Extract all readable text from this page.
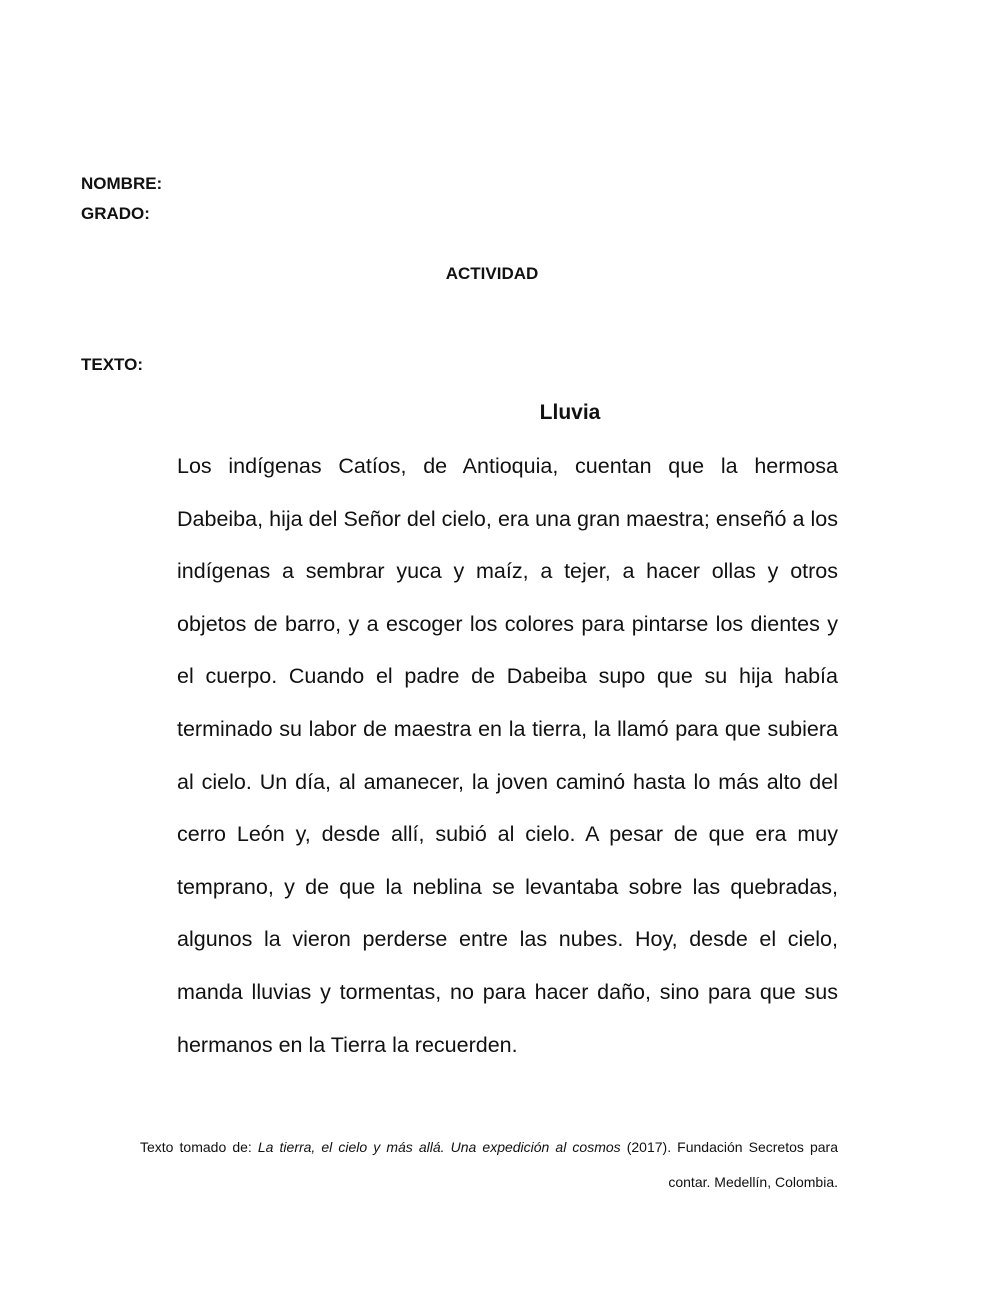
NOMBRE:

GRADO:

ACTIVIDAD

TEXTO:

Lluvia

Los indígenas Catíos, de Antioquia, cuentan que la hermosa Dabeiba, hija del Señor del cielo, era una gran maestra; enseñó a los indígenas a sembrar yuca y maíz, a tejer, a hacer ollas y otros objetos de barro, y a escoger los colores para pintarse los dientes y el cuerpo. Cuando el padre de Dabeiba supo que su hija había terminado su labor de maestra en la tierra, la llamó para que subiera al cielo. Un día, al amanecer, la joven caminó hasta lo más alto del cerro León y, desde allí, subió al cielo. A pesar de que era muy temprano, y de que la neblina se levantaba sobre las quebradas, algunos la vieron perderse entre las nubes. Hoy, desde el cielo, manda lluvias y tormentas, no para hacer daño, sino para que sus hermanos en la Tierra la recuerden.

Texto tomado de: La tierra, el cielo y más allá. Una expedición al cosmos (2017). Fundación Secretos para contar. Medellín, Colombia.
